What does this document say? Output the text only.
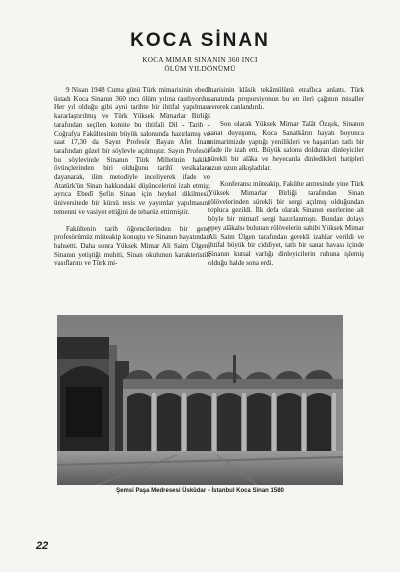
KOCA SİNAN
KOCA MIMAR SINANIN 360 INCI
ÖLÜM YILDÖNÜMÜ

9 Nisan 1948 Cuma günü Türk mimarisinin ebedî üstadı Koca Sinanın 360 ıncı ölüm yılına rastlıyordu. Her yıl olduğu gibi ayni tarihte bir ihtifal yapılması kararlaştırılmış ve Türk Yüksek Mimarlar Birliği tarafından seçilen komite bu ihtifali Dil - Tarih - Coğrafya Fakültesinin büyük salonunda hazırlamış ve saat 17,30 da Sayın Profesör Bayan Afet İnan tarafından güzel bir söylevle açılmıştır. Sayın Profesör bu söylevinde Sinanın Türk Milletinin hakikî övünçlerinden biri olduğunu tarihî vesikalara dayanarak, ilim metodiyle inceliyerek ifade ve Atatürk'ün Sinan hakkındaki düşüncelerini izah etmiş; ayrıca Ebedî Şefin Sinan için heykel dikilmesi, üniversitede bir kürsü tesis ve yayımlar yapılmasını temenni ve vasiyet ettiğini de tebarüz ettirmiştir.

Fakültenin tarih öğrencilerinden bir genç profesörümüz müteakip konuştu ve Sinanın hayatından bahsetti. Daha sonra Yüksek Mimar Ali Saim Ülgen, Sinanın yetiştiği muhiti, Sinan okulunun karakteristik vasıflarını ve Türk mi-

marisinin klâsik tekâmülünü etraflıca anlattı. Türk sanatında proporsiyonun bu en ileri çağının misaller vererek canlandırdı.

Son olarak Yüksek Mimar Talât Özışık, Sinanın sanat duyuşunu, Koca Sanatkârın hayatı boyunca mimarimizde yaptığı yenilikleri ve başarıları tatlı bir ifade ile izah etti. Büyük salonu dolduran dinleyiciler sürekli bir alâka ve heyecanla dinledikleri hatipleri uzun uzun alkışladılar.

Konferansı müteakip, Fakülte antresinde yine Türk Yüksek Mimarlar Birliği tarafından Sinan rölövelerinden sürekli bir sergi açılmış olduğundan topluca gezildi. İlk defa olarak Sinanın eserlerine ait böyle bir mimarî sergi hazırlanmıştı. Bundan dolayı epey alâkalsı bulunan rölövelerin sahibi Yüksek Mimar Ali Saim Ülgen tarafından gerekli izahlar verildi ve ihtifal büyük bir ciddiyet, tatlı bir sanat havası içinde Sinanın kutsal varlığı dinleyicilerin ruhuna işlemiş olduğu halde sona erdi.

Şemsi Paşa Medresesi Üsküdar - İstanbul Koca Sinan 1580
22
